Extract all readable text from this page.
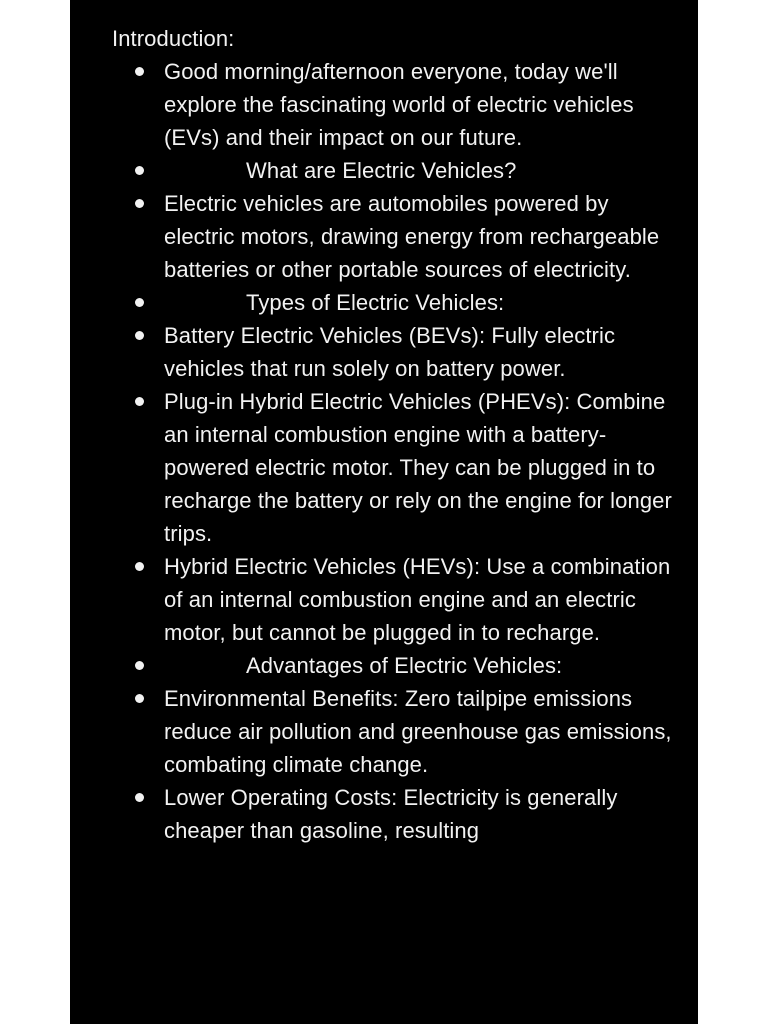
Introduction:

Good morning/afternoon everyone, today we'll explore the fascinating world of electric vehicles (EVs) and their impact on our future.
What are Electric Vehicles?
Electric vehicles are automobiles powered by electric motors, drawing energy from rechargeable batteries or other portable sources of electricity.
Types of Electric Vehicles:
Battery Electric Vehicles (BEVs): Fully electric vehicles that run solely on battery power.
Plug-in Hybrid Electric Vehicles (PHEVs): Combine an internal combustion engine with a battery-powered electric motor. They can be plugged in to recharge the battery or rely on the engine for longer trips.
Hybrid Electric Vehicles (HEVs): Use a combination of an internal combustion engine and an electric motor, but cannot be plugged in to recharge.
Advantages of Electric Vehicles:
Environmental Benefits: Zero tailpipe emissions reduce air pollution and greenhouse gas emissions, combating climate change.
Lower Operating Costs: Electricity is generally cheaper than gasoline, resulting
